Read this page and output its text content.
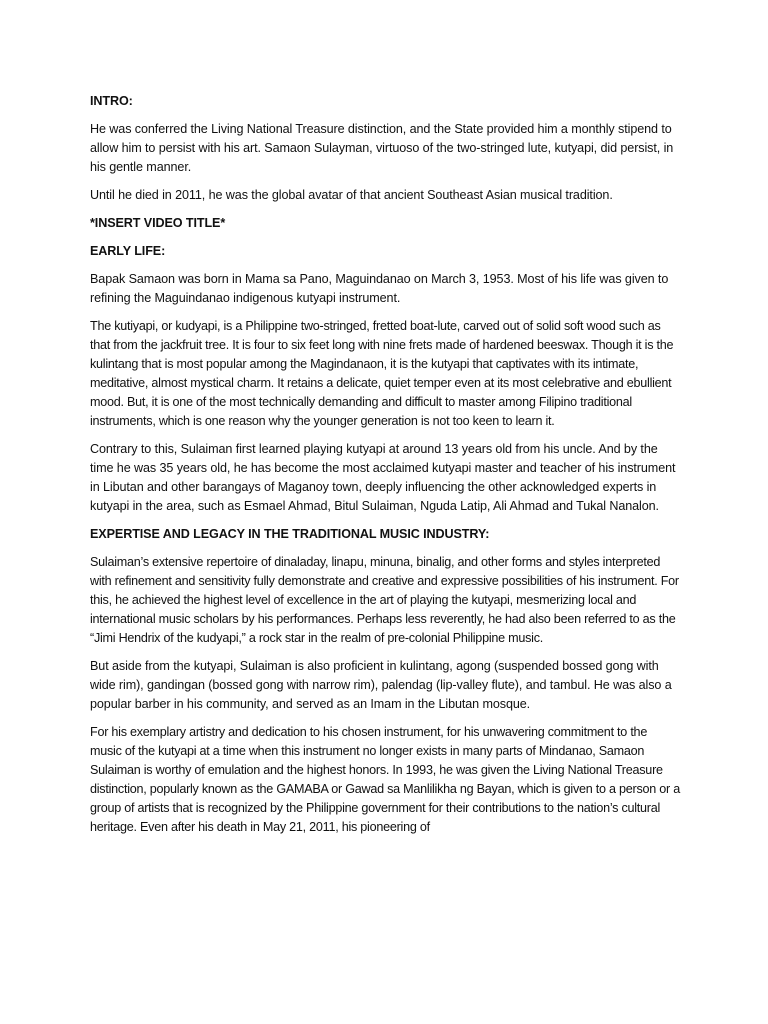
INTRO:

He was conferred the Living National Treasure distinction, and the State provided him a monthly stipend to allow him to persist with his art. Samaon Sulayman, virtuoso of the two-stringed lute, kutyapi, did persist, in his gentle manner.

Until he died in 2011, he was the global avatar of that ancient Southeast Asian musical tradition.

*INSERT VIDEO TITLE*

EARLY LIFE:

Bapak Samaon was born in Mama sa Pano, Maguindanao on March 3, 1953. Most of his life was given to refining the Maguindanao indigenous kutyapi instrument.

The kutiyapi, or kudyapi, is a Philippine two-stringed, fretted boat-lute, carved out of solid soft wood such as that from the jackfruit tree. It is four to six feet long with nine frets made of hardened beeswax. Though it is the kulintang that is most popular among the Magindanaon, it is the kutyapi that captivates with its intimate, meditative, almost mystical charm. It retains a delicate, quiet temper even at its most celebrative and ebullient mood. But, it is one of the most technically demanding and difficult to master among Filipino traditional instruments, which is one reason why the younger generation is not too keen to learn it.

Contrary to this, Sulaiman first learned playing kutyapi at around 13 years old from his uncle. And by the time he was 35 years old, he has become the most acclaimed kutyapi master and teacher of his instrument in Libutan and other barangays of Maganoy town, deeply influencing the other acknowledged experts in kutyapi in the area, such as Esmael Ahmad, Bitul Sulaiman, Nguda Latip, Ali Ahmad and Tukal Nanalon.

EXPERTISE AND LEGACY IN THE TRADITIONAL MUSIC INDUSTRY:

Sulaiman’s extensive repertoire of dinaladay, linapu, minuna, binalig, and other forms and styles interpreted with refinement and sensitivity fully demonstrate and creative and expressive possibilities of his instrument. For this, he achieved the highest level of excellence in the art of playing the kutyapi, mesmerizing local and international music scholars by his performances. Perhaps less reverently, he had also been referred to as the “Jimi Hendrix of the kudyapi,” a rock star in the realm of pre-colonial Philippine music.

But aside from the kutyapi, Sulaiman is also proficient in kulintang, agong (suspended bossed gong with wide rim), gandingan (bossed gong with narrow rim), palendag (lip-valley flute), and tambul. He was also a popular barber in his community, and served as an Imam in the Libutan mosque.

For his exemplary artistry and dedication to his chosen instrument, for his unwavering commitment to the music of the kutyapi at a time when this instrument no longer exists in many parts of Mindanao, Samaon Sulaiman is worthy of emulation and the highest honors. In 1993, he was given the Living National Treasure distinction, popularly known as the GAMABA or Gawad sa Manlilikha ng Bayan, which is given to a person or a group of artists that is recognized by the Philippine government for their contributions to the nation’s cultural heritage. Even after his death in May 21, 2011, his pioneering of
